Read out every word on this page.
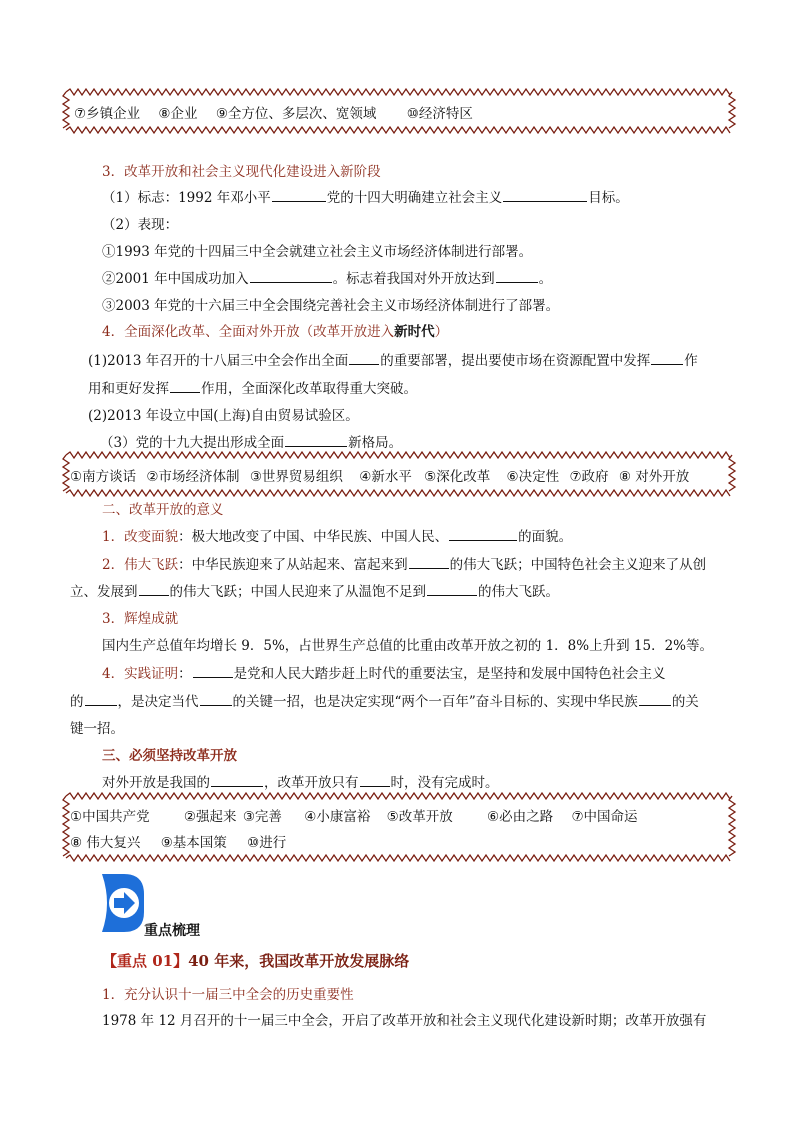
⑦乡镇企业 ⑧企业 ⑨全方位、多层次、宽领域 ⑩经济特区
3．改革开放和社会主义现代化建设进入新阶段
（1）标志：1992 年邓小平	党的十四大明确建立社会主义	目标。
（2）表现：
①1993 年党的十四届三中全会就建立社会主义市场经济体制进行部署。
②2001 年中国成功加入	。标志着我国对外开放达到	。
③2003 年党的十六届三中全会围绕完善社会主义市场经济体制进行了部署。
4．全面深化改革、全面对外开放（改革开放进入新时代）
(1)2013 年召开的十八届三中全会作出全面 的重要部署，提出要使市场在资源配置中发挥	作
用和更好发挥 作用，全面深化改革取得重大突破。
(2)2013 年设立中国(上海)自由贸易试验区。
（3）党的十九大提出形成全面	新格局。
①南方谈话 ②市场经济体制 ③世界贸易组织 ④新水平 ⑤深化改革 ⑥决定性 ⑦政府 ⑧ 对外开放
二、改革开放的意义
1．改变面貌：极大地改变了中国、中华民族、中国人民、	的面貌。
2．伟大飞跃：中华民族迎来了从站起来、富起来到	的伟大飞跃；中国特色社会主义迎来了从创
立、发展到 的伟大飞跃；中国人民迎来了从温饱不足到	的伟大飞跃。
3．辉煌成就
国内生产总值年均增长 9．5%，占世界生产总值的比重由改革开放之初的 1．8%上升到 15．2%等。
4．实践证明：	是党和人民大踏步赶上时代的重要法宝，是坚持和发展中国特色社会主义
的	，是决定当代	的关键一招，也是决定实现“两个一百年”奋斗目标的、实现中华民族	的关
键一招。
三、必须坚持改革开放
对外开放是我国的	，改革开放只有 时，没有完成时。
①中国共产党	②强起来 ③完善 ④小康富裕 ⑤改革开放	⑥必由之路 ⑦中国命运
⑧ 伟大复兴 ⑨基本国策 ⑩进行
重点梳理
【重点 01】40 年来，我国改革开放发展脉络
1．充分认识十一届三中全会的历史重要性
1978 年 12 月召开的十一届三中全会，开启了改革开放和社会主义现代化建设新时期；改革开放强有
